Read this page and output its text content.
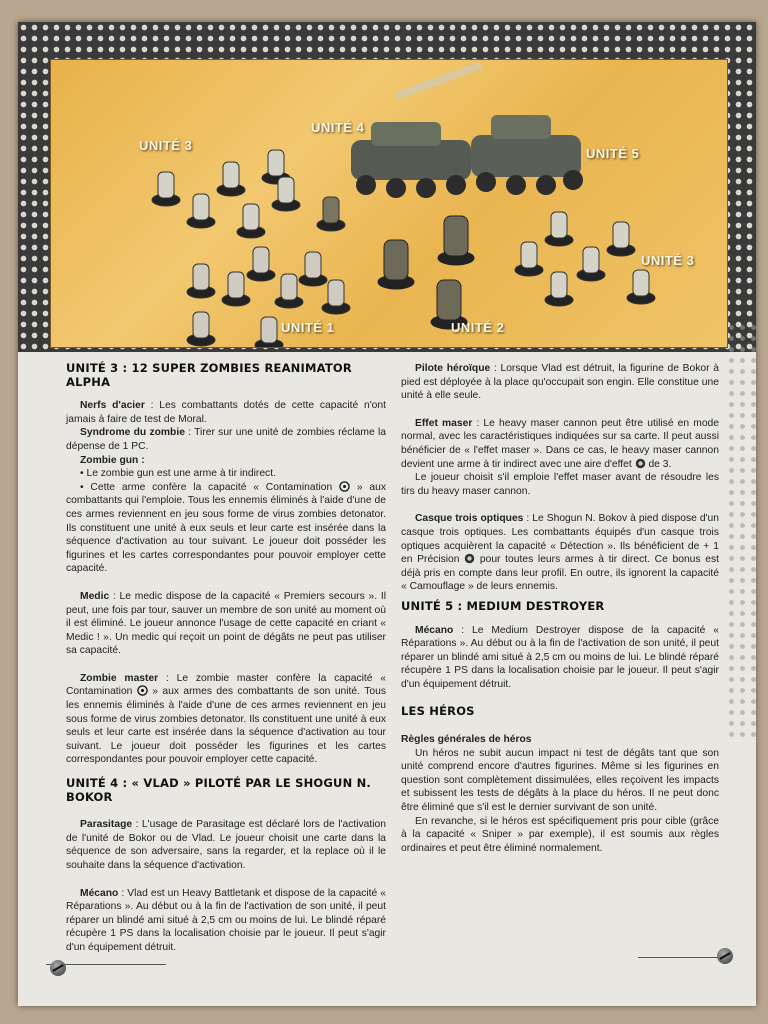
UNITÉ 3
UNITÉ 4
UNITÉ 5
UNITÉ 3
UNITÉ 1	UNITÉ 2
UNITÉ 3 : 12 SUPER ZOMBIES REANIMATOR ALPHA

Nerfs d'acier : Les combattants dotés de cette capacité n'ont jamais à faire de test de Moral.

Syndrome du zombie : Tirer sur une unité de zombies réclame la dépense de 1 PC.

Zombie gun :

• Le zombie gun est une arme à tir indirect.

• Cette arme confère la capacité « Contamination  » aux combattants qui l'emploie. Tous les ennemis éliminés à l'aide d'une de ces armes reviennent en jeu sous forme de virus zombies detonator. Ils constituent une unité à eux seuls et leur carte est insérée dans la séquence d'activation au tour suivant. Le joueur doit posséder les figurines et les cartes correspondantes pour pouvoir employer cette capacité.

Medic : Le medic dispose de la capacité « Premiers secours ». Il peut, une fois par tour, sauver un membre de son unité au moment où il est éliminé. Le joueur annonce l'usage de cette capacité en criant « Medic ! ». Un medic qui reçoit un point de dégâts ne peut pas utiliser sa capacité.

Zombie master : Le zombie master confère la capacité « Contamination  » aux armes des combattants de son unité. Tous les ennemis éliminés à l'aide d'une de ces armes reviennent en jeu sous forme de virus zombies detonator. Ils constituent une unité à eux seuls et leur carte est insérée dans la séquence d'activation au tour suivant. Le joueur doit posséder les figurines et les cartes correspondantes pour pouvoir employer cette capacité.

UNITÉ 4 : « VLAD » PILOTÉ PAR LE SHOGUN N. BOKOR

Parasitage : L'usage de Parasitage est déclaré lors de l'activation de l'unité de Bokor ou de Vlad. Le joueur choisit une carte dans la séquence de son adversaire, sans la regarder, et la replace où il le souhaite dans la séquence d'activation.

Mécano : Vlad est un Heavy Battletank et dispose de la capacité « Réparations ». Au début ou à la fin de l'activation de son unité, il peut réparer un blindé ami situé à 2,5 cm ou moins de lui. Le blindé réparé récupère 1 PS dans la localisation choisie par le joueur. Il peut s'agir d'un équipement détruit.

Pilote héroïque : Lorsque Vlad est détruit, la figurine de Bokor à pied est déployée à la place qu'occupait son engin. Elle constitue une unité à elle seule.

Effet maser : Le heavy maser cannon peut être utilisé en mode normal, avec les caractéristiques indiquées sur sa carte. Il peut aussi bénéficier de « l'effet maser ». Dans ce cas, le heavy maser cannon devient une arme à tir indirect avec une aire d'effet  de 3.

Le joueur choisit s'il emploie l'effet maser avant de résoudre les tirs du heavy maser cannon.

Casque trois optiques : Le Shogun N. Bokov à pied dispose d'un casque trois optiques. Les combattants équipés d'un casque trois optiques acquièrent la capacité « Détection ». Ils bénéficient de + 1 en Précision  pour toutes leurs armes à tir direct. Ce bonus est déjà pris en compte dans leur profil. En outre, ils ignorent la capacité « Camouflage » de leurs ennemis.

UNITÉ 5 : MEDIUM DESTROYER

Mécano : Le Medium Destroyer dispose de la capacité « Réparations ». Au début ou à la fin de l'activation de son unité, il peut réparer un blindé ami situé à 2,5 cm ou moins de lui. Le blindé réparé récupère 1 PS dans la localisation choisie par le joueur. Il peut s'agir d'un équipement détruit.

LES HÉROS

Règles générales de héros

Un héros ne subit aucun impact ni test de dégâts tant que son unité comprend encore d'autres figurines. Même si les figurines en question sont complètement dissimulées, elles reçoivent les impacts et subissent les tests de dégâts à la place du héros. Il ne peut donc être éliminé que s'il est le dernier survivant de son unité.

En revanche, si le héros est spécifiquement pris pour cible (grâce à la capacité « Sniper » par exemple), il est soumis aux règles ordinaires et peut être éliminé normalement.
